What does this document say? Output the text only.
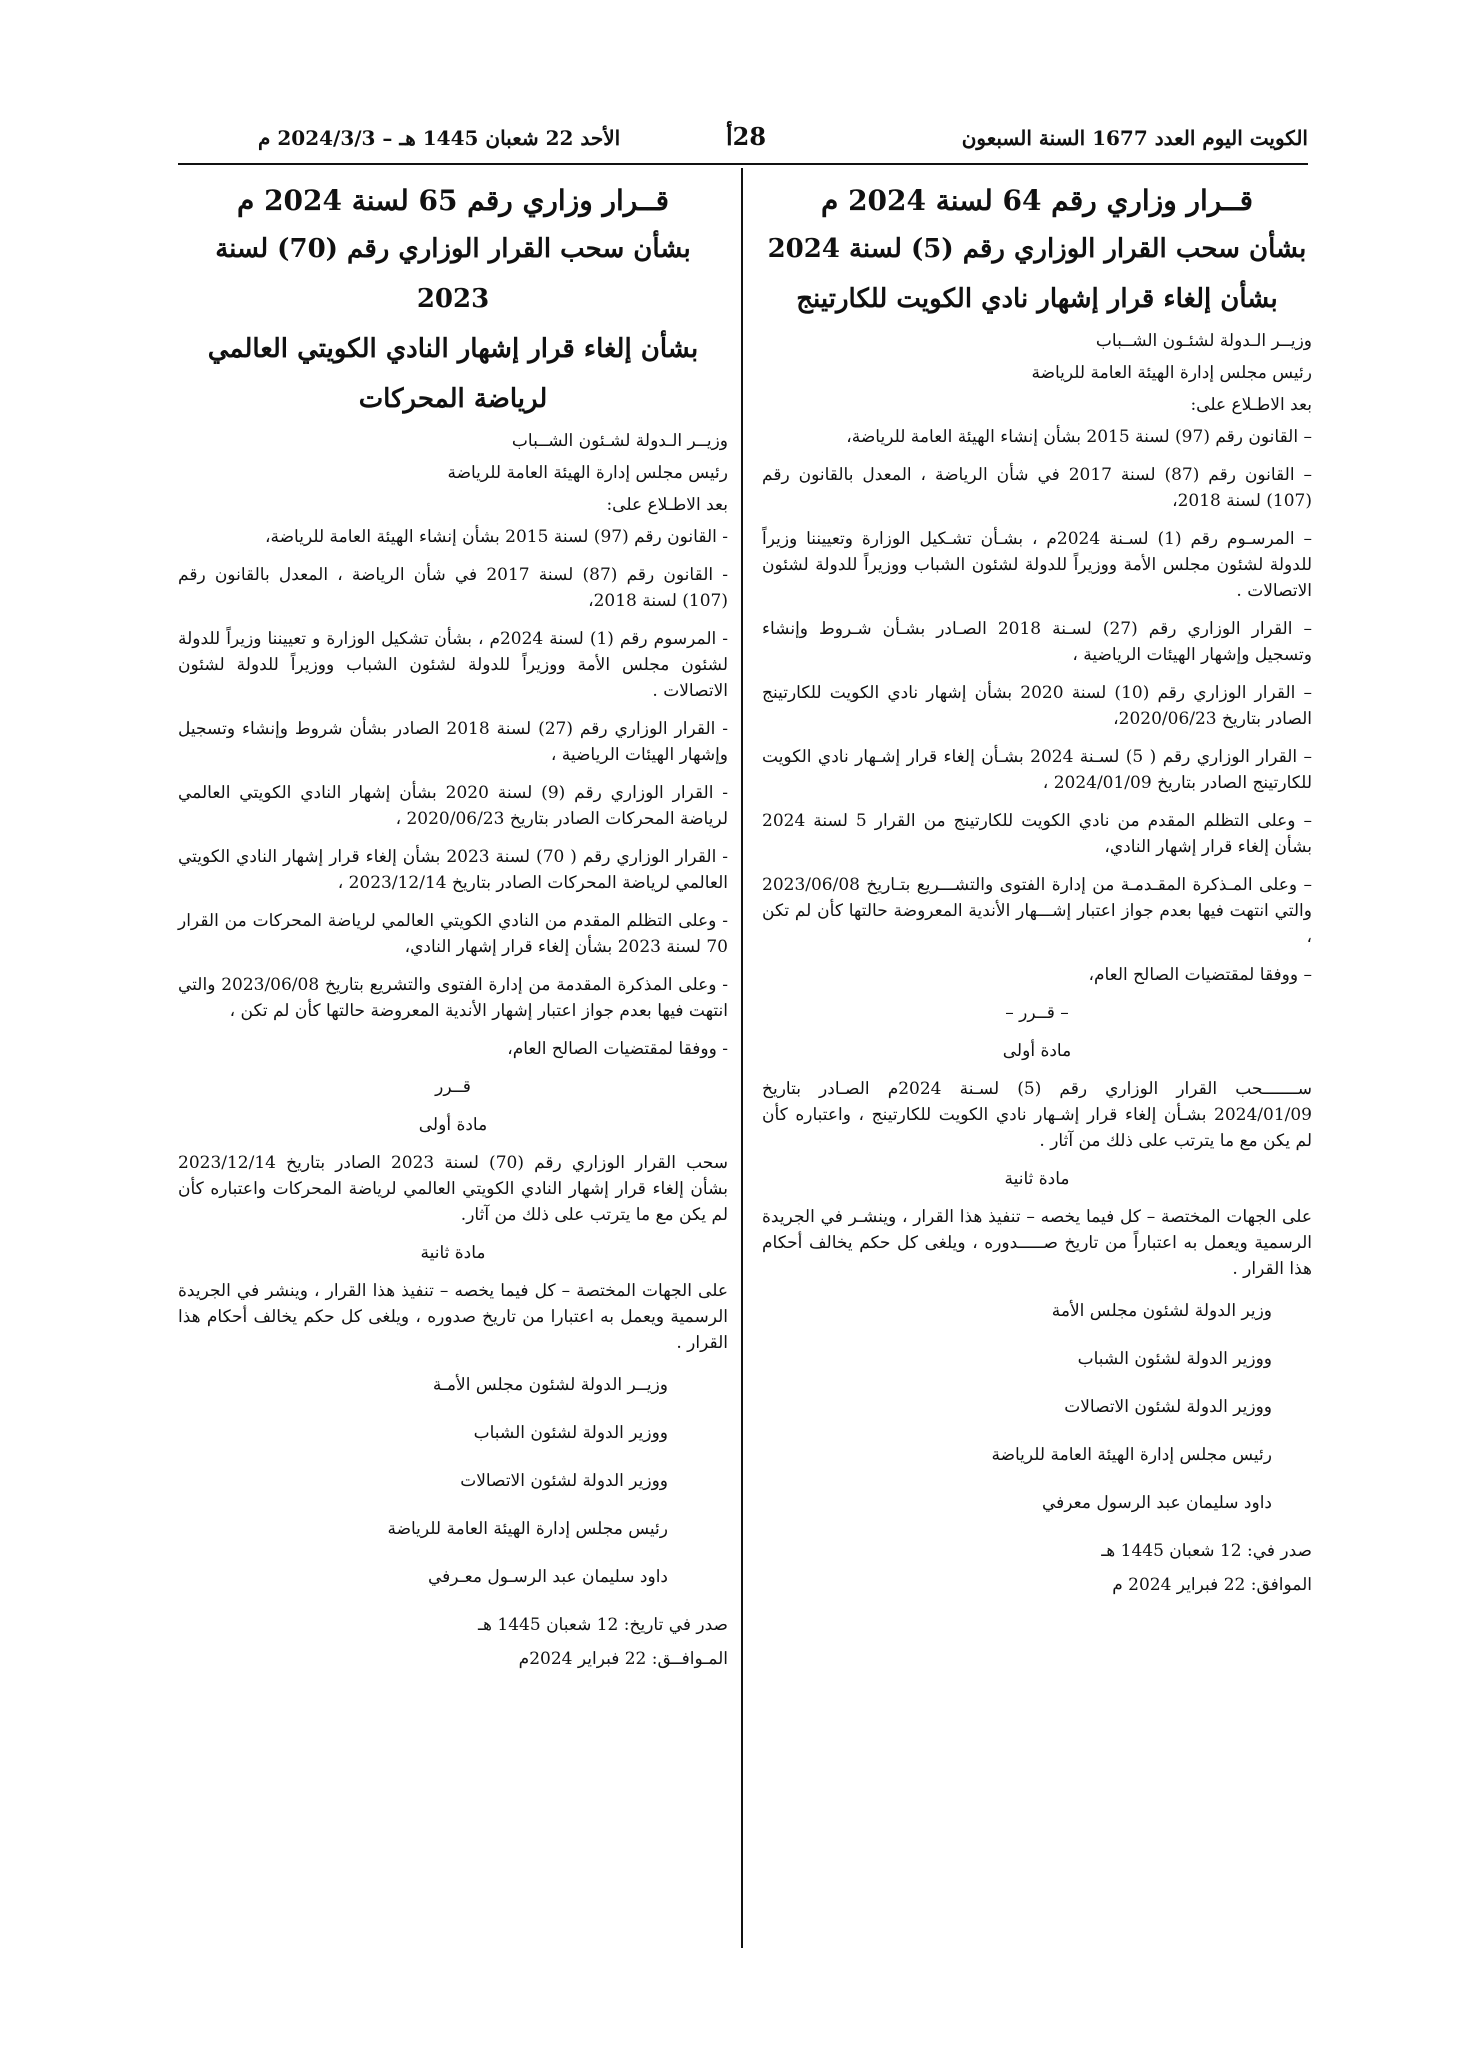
الكويت اليوم العدد 1677 السنة السبعون
28أ
الأحد 22 شعبان 1445 هـ – 2024/3/3 م

قــرار وزاري رقم 64 لسنة 2024 م

بشأن سحب القرار الوزاري رقم (5) لسنة 2024

بشأن إلغاء قرار إشهار نادي الكويت للكارتينج

وزيــر الـدولة لشئـون الشــباب

رئيس مجلس إدارة الهيئة العامة للرياضة

بعد الاطـلاع على:

– القانون رقم (97) لسنة 2015 بشأن إنشاء الهيئة العامة للرياضة،

– القانون رقم (87) لسنة 2017 في شأن الرياضة ، المعدل بالقانون رقم (107) لسنة 2018،

– المرسـوم رقم (1) لسـنة 2024م ، بشـأن تشـكيل الوزارة وتعييننا وزيراً للدولة لشئون مجلس الأمة ووزيراً للدولة لشئون الشباب ووزيراً للدولة لشئون الاتصالات .

– القرار الوزاري رقم (27) لسـنة 2018 الصـادر بشـأن شـروط وإنشاء وتسجيل وإشهار الهيئات الرياضية ،

– القرار الوزاري رقم (10) لسنة 2020 بشأن إشهار نادي الكويت للكارتينج الصادر بتاريخ 2020/06/23،

– القرار الوزاري رقم ( 5) لسـنة 2024 بشـأن إلغاء قرار إشـهار نادي الكويت للكارتينج الصادر بتاريخ 2024/01/09 ،

– وعلى التظلم المقدم من نادي الكويت للكارتينج من القرار 5 لسنة 2024 بشأن إلغاء قرار إشهار النادي،

– وعلى المـذكرة المقـدمـة من إدارة الفتوى والتشـــريع بتـاريخ 2023/06/08 والتي انتهت فيها بعدم جواز اعتبار إشـــهار الأندية المعروضة حالتها كأن لم تكن ،

– ووفقا لمقتضيات الصالح العام،

– قــرر –

مادة أولى

ســـــــحب القرار الوزاري رقم (5) لسـنة 2024م الصـادر بتاريخ 2024/01/09 بشـأن إلغاء قرار إشـهار نادي الكويت للكارتينج ، واعتباره كأن لم يكن مع ما يترتب على ذلك من آثار .

مادة ثانية

على الجهات المختصة – كل فيما يخصه – تنفيذ هذا القرار ، وينشـر في الجريدة الرسمية ويعمل به اعتباراً من تاريخ صـــــدوره ، ويلغى كل حكم يخالف أحكام هذا القرار .

وزير الدولة لشئون مجلس الأمة

ووزير الدولة لشئون الشباب

ووزير الدولة لشئون الاتصالات

رئيس مجلس إدارة الهيئة العامة للرياضة

داود سليمان عبد الرسول معرفي

صدر في: 12 شعبان 1445 هـ

الموافق: 22 فبراير 2024 م

قــرار وزاري رقم 65 لسنة 2024 م

بشأن سحب القرار الوزاري رقم (70) لسنة 2023

بشأن إلغاء قرار إشهار النادي الكويتي العالمي

لرياضة المحركات

وزيــر الـدولة لشـئون الشــباب

رئيس مجلس إدارة الهيئة العامة للرياضة

بعد الاطـلاع على:

- القانون رقم (97) لسنة 2015 بشأن إنشاء الهيئة العامة للرياضة،

- القانون رقم (87) لسنة 2017 في شأن الرياضة ، المعدل بالقانون رقم (107) لسنة 2018،

- المرسوم رقم (1) لسنة 2024م ، بشأن تشكيل الوزارة و تعييننا وزيراً للدولة لشئون مجلس الأمة ووزيراً للدولة لشئون الشباب ووزيراً للدولة لشئون الاتصالات .

- القرار الوزاري رقم (27) لسنة 2018 الصادر بشأن شروط وإنشاء وتسجيل وإشهار الهيئات الرياضية ،

- القرار الوزاري رقم (9) لسنة 2020 بشأن إشهار النادي الكويتي العالمي لرياضة المحركات الصادر بتاريخ 2020/06/23 ،

- القرار الوزاري رقم ( 70) لسنة 2023 بشأن إلغاء قرار إشهار النادي الكويتي العالمي لرياضة المحركات الصادر بتاريخ 2023/12/14 ،

- وعلى التظلم المقدم من النادي الكويتي العالمي لرياضة المحركات من القرار 70 لسنة 2023 بشأن إلغاء قرار إشهار النادي،

- وعلى المذكرة المقدمة من إدارة الفتوى والتشريع بتاريخ 2023/06/08 والتي انتهت فيها بعدم جواز اعتبار إشهار الأندية المعروضة حالتها كأن لم تكن ،

- ووفقا لمقتضيات الصالح العام،

قــرر

مادة أولى

سحب القرار الوزاري رقم (70) لسنة 2023 الصادر بتاريخ 2023/12/14 بشأن إلغاء قرار إشهار النادي الكويتي العالمي لرياضة المحركات واعتباره كأن لم يكن مع ما يترتب على ذلك من آثار.

مادة ثانية

على الجهات المختصة – كل فيما يخصه – تنفيذ هذا القرار ، وينشر في الجريدة الرسمية ويعمل به اعتبارا من تاريخ صدوره ، ويلغى كل حكم يخالف أحكام هذا القرار .

وزيــر الدولة لشئون مجلس الأمـة

ووزير الدولة لشئون الشباب

ووزير الدولة لشئون الاتصالات

رئيس مجلس إدارة الهيئة العامة للرياضة

داود سليمان عبد الرسـول معـرفي

صدر في تاريخ: 12 شعبان 1445 هـ

المـوافــق: 22 فبراير 2024م
